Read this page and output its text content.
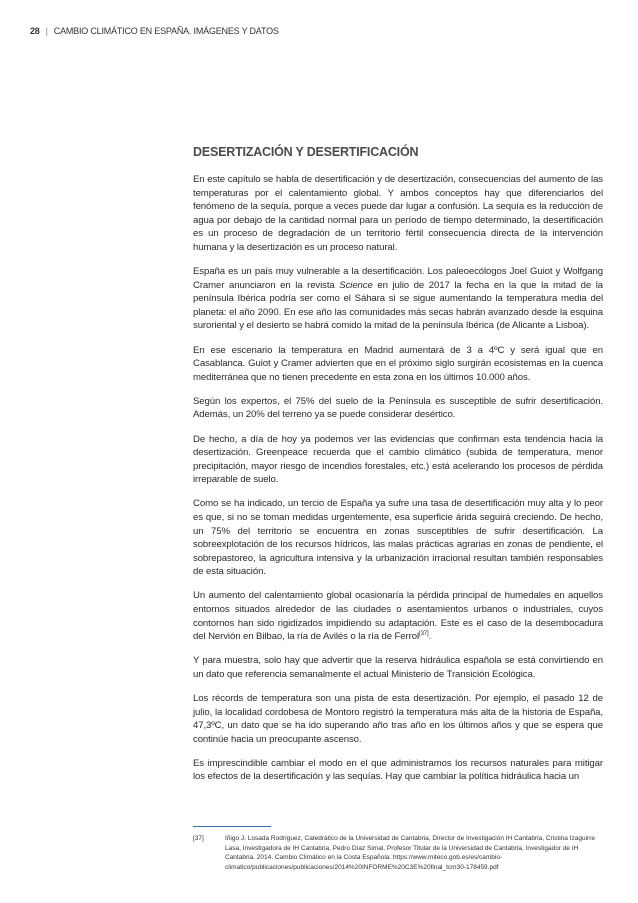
28 | CAMBIO CLIMÁTICO EN ESPAÑA. IMÁGENES Y DATOS
DESERTIZACIÓN Y DESERTIFICACIÓN

En este capítulo se habla de desertificación y de desertización, consecuencias del aumento de las temperaturas por el calentamiento global. Y ambos conceptos hay que diferenciarlos del fenómeno de la sequía, porque a veces puede dar lugar a confusión. La sequía es la reducción de agua por debajo de la cantidad normal para un período de tiempo determinado, la desertificación es un proceso de degradación de un territorio fértil consecuencia directa de la intervención humana y la desertización es un proceso natural.

España es un país muy vulnerable a la desertificación. Los paleoecólogos Joel Guiot y Wolfgang Cramer anunciaron en la revista Science en julio de 2017 la fecha en la que la mitad de la península Ibérica podría ser como el Sáhara si se sigue aumentando la temperatura media del planeta: el año 2090. En ese año las comunidades más secas habrán avanzado desde la esquina suroriental y el desierto se habrá comido la mitad de la península Ibérica (de Alicante a Lisboa).

En ese escenario la temperatura en Madrid aumentará de 3 a 4ºC y será igual que en Casablanca. Guiot y Cramer advierten que en el próximo siglo surgirán ecosistemas en la cuenca mediterránea que no tienen precedente en esta zona en los últimos 10.000 años.

Según los expertos, el 75% del suelo de la Península es susceptible de sufrir desertificación. Además, un 20% del terreno ya se puede considerar desértico.

De hecho, a día de hoy ya podemos ver las evidencias que confirman esta tendencia hacia la desertización. Greenpeace recuerda que el cambio climático (subida de temperatura, menor precipitación, mayor riesgo de incendios forestales, etc.) está acelerando los procesos de pérdida irreparable de suelo.

Como se ha indicado, un tercio de España ya sufre una tasa de desertificación muy alta y lo peor es que, si no se toman medidas urgentemente, esa superficie árida seguirá creciendo. De hecho, un 75% del territorio se encuentra en zonas susceptibles de sufrir desertificación. La sobreexplotación de los recursos hídricos, las malas prácticas agrarias en zonas de pendiente, el sobrepastoreo, la agricultura intensiva y la urbanización irracional resultan también responsables de esta situación.

Un aumento del calentamiento global ocasionaría la pérdida principal de humedales en aquellos entornos situados alrededor de las ciudades o asentamientos urbanos o industriales, cuyos contornos han sido rigidizados impidiendo su adaptación. Este es el caso de la desembocadura del Nervión en Bilbao, la ría de Avilés o la ría de Ferrol[37].

Y para muestra, solo hay que advertir que la reserva hidráulica española se está convirtiendo en un dato que referencia semanalmente el actual Ministerio de Transición Ecológica.

Los récords de temperatura son una pista de esta desertización. Por ejemplo, el pasado 12 de julio, la localidad cordobesa de Montoro registró la temperatura más alta de la historia de España, 47,3ºC, un dato que se ha ido superando año tras año en los últimos años y que se espera que continúe hacia un preocupante ascenso.

Es imprescindible cambiar el modo en el que administramos los recursos naturales para mitigar los efectos de la desertificación y las sequías. Hay que cambiar la política hidráulica hacia un

[37]	Iñigo J. Losada Rodríguez, Catedrático de la Universidad de Cantabria, Director de Investigación IH Cantabria, Cristina Izaguirre Lasa, Investigadora de IH Cantabria, Pedro Díaz Simal, Profesor Titular de la Universidad de Cantabria, Investigador de IH Cantabria. 2014. Cambio Climático en la Costa Española. https://www.miteco.gob.es/es/cambio-climatico/publicaciones/publicaciones/2014%20INFORME%20C3E%20final_tcm30-178459.pdf
